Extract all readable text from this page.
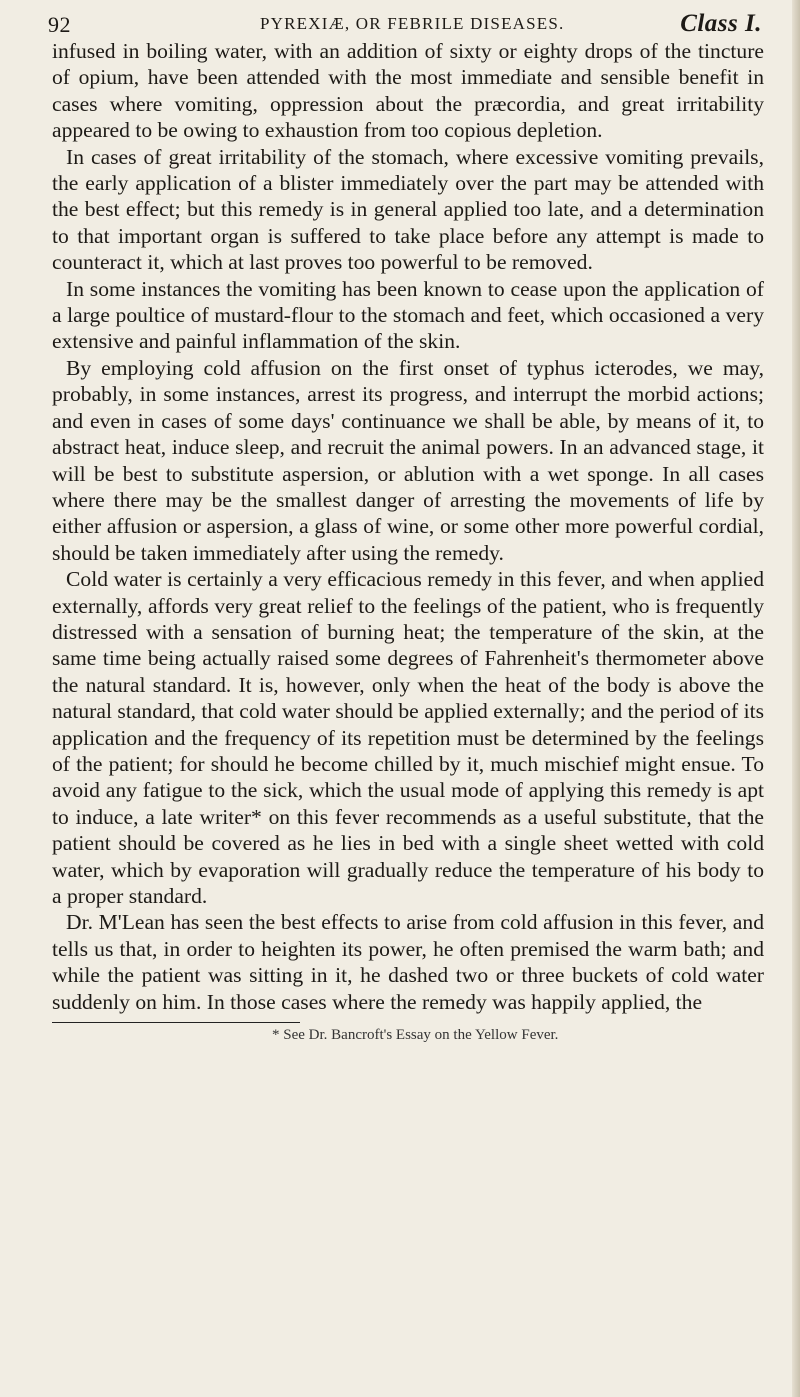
92	PYREXIÆ, OR FEBRILE DISEASES.	Class I.

infused in boiling water, with an addition of sixty or eighty drops of the tincture of opium, have been attended with the most immediate and sensible benefit in cases where vomiting, oppression about the præcordia, and great irritability appeared to be owing to exhaustion from too copious depletion.

In cases of great irritability of the stomach, where excessive vomiting prevails, the early application of a blister immediately over the part may be attended with the best effect; but this remedy is in general applied too late, and a determination to that important organ is suffered to take place before any attempt is made to counteract it, which at last proves too powerful to be removed.

In some instances the vomiting has been known to cease upon the application of a large poultice of mustard-flour to the stomach and feet, which occasioned a very extensive and painful inflammation of the skin.

By employing cold affusion on the first onset of typhus icterodes, we may, probably, in some instances, arrest its progress, and interrupt the morbid actions; and even in cases of some days' continuance we shall be able, by means of it, to abstract heat, induce sleep, and recruit the animal powers. In an advanced stage, it will be best to substitute aspersion, or ablution with a wet sponge. In all cases where there may be the smallest danger of arresting the movements of life by either affusion or aspersion, a glass of wine, or some other more powerful cordial, should be taken immediately after using the remedy.

Cold water is certainly a very efficacious remedy in this fever, and when applied externally, affords very great relief to the feelings of the patient, who is frequently distressed with a sensation of burning heat; the temperature of the skin, at the same time being actually raised some degrees of Fahrenheit's thermometer above the natural standard. It is, however, only when the heat of the body is above the natural standard, that cold water should be applied externally; and the period of its application and the frequency of its repetition must be determined by the feelings of the patient; for should he become chilled by it, much mischief might ensue. To avoid any fatigue to the sick, which the usual mode of applying this remedy is apt to induce, a late writer* on this fever recommends as a useful substitute, that the patient should be covered as he lies in bed with a single sheet wetted with cold water, which by evaporation will gradually reduce the temperature of his body to a proper standard.

Dr. M'Lean has seen the best effects to arise from cold affusion in this fever, and tells us that, in order to heighten its power, he often premised the warm bath; and while the patient was sitting in it, he dashed two or three buckets of cold water suddenly on him. In those cases where the remedy was happily applied, the

* See Dr. Bancroft's Essay on the Yellow Fever.
